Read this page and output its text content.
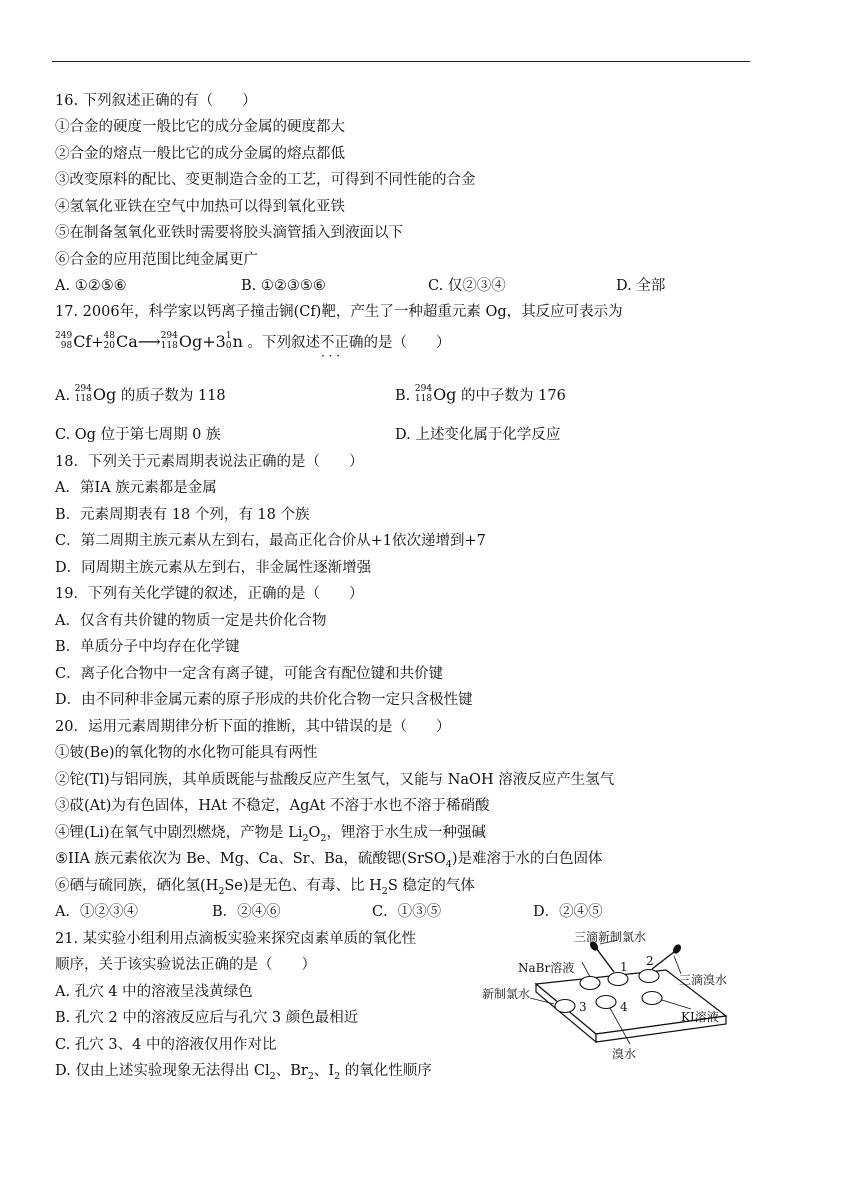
16. 下列叙述正确的有（　　）
①合金的硬度一般比它的成分金属的硬度都大
②合金的熔点一般比它的成分金属的熔点都低
③改变原料的配比、变更制造合金的工艺，可得到不同性能的合金
④氢氧化亚铁在空气中加热可以得到氧化亚铁
⑤在制备氢氧化亚铁时需要将胶头滴管插入到液面以下
⑥合金的应用范围比纯金属更广
A. ①②⑤⑥	B. ①②③⑤⑥	C. 仅②③④	D. 全部
17. 2006年，科学家以钙离子撞击锎(Cf)靶，产生了一种超重元素 Og，其反应可表示为
249
98 Cf+ 48
20 Ca⟶ 294
118 Og+3 1
0 n 。下列叙述不正确 · · ·的是（　　）
A. 294
118 Og 的质子数为 118	B. 294
118 Og 的中子数为 176
C. Og 位于第七周期 0 族	D. 上述变化属于化学反应
18．下列关于元素周期表说法正确的是（　　）
A．第IA 族元素都是金属
B．元素周期表有 18 个列，有 18 个族
C．第二周期主族元素从左到右，最高正化合价从+1依次递增到+7
D．同周期主族元素从左到右，非金属性逐渐增强
19．下列有关化学键的叙述，正确的是（　　）
A．仅含有共价键的物质一定是共价化合物
B．单质分子中均存在化学键
C．离子化合物中一定含有离子键，可能含有配位键和共价键
D．由不同种非金属元素的原子形成的共价化合物一定只含极性键
20．运用元素周期律分析下面的推断，其中错误的是（　　）
①铍(Be)的氧化物的水化物可能具有两性
②铊(Tl)与铝同族，其单质既能与盐酸反应产生氢气，又能与 NaOH 溶液反应产生氢气
③砹(At)为有色固体，HAt 不稳定，AgAt 不溶于水也不溶于稀硝酸
④锂(Li)在氧气中剧烈燃烧，产物是 $Li_2O_2$，锂溶于水生成一种强碱
⑤IIA 族元素依次为 Be、Mg、Ca、Sr、Ba，硫酸锶(SrSO$_4$)是难溶于水的白色固体
⑥硒与硫同族，硒化氢$(H_2Se)$是无色、有毒、比 $H_2S$ 稳定的气体
A．①②③④	B．②④⑥	C．①③⑤	D．②④⑤
21. 某实验小组利用点滴板实验来探究卤素单质的氧化性
顺序，关于该实验说法正确的是（　　）
A. 孔穴 4 中的溶液呈浅黄绿色
B. 孔穴 2 中的溶液反应后与孔穴 3 颜色最相近
C. 孔穴 3、4 中的溶液仅用作对比
D. 仅由上述实验现象无法得出 $Cl_2$、$Br_2$、$I_2$ 的氧化性顺序
三滴新制氯水
NaBr溶液
三滴溴水
新制氯水
KI溶液
溴水
1 2
3	4
